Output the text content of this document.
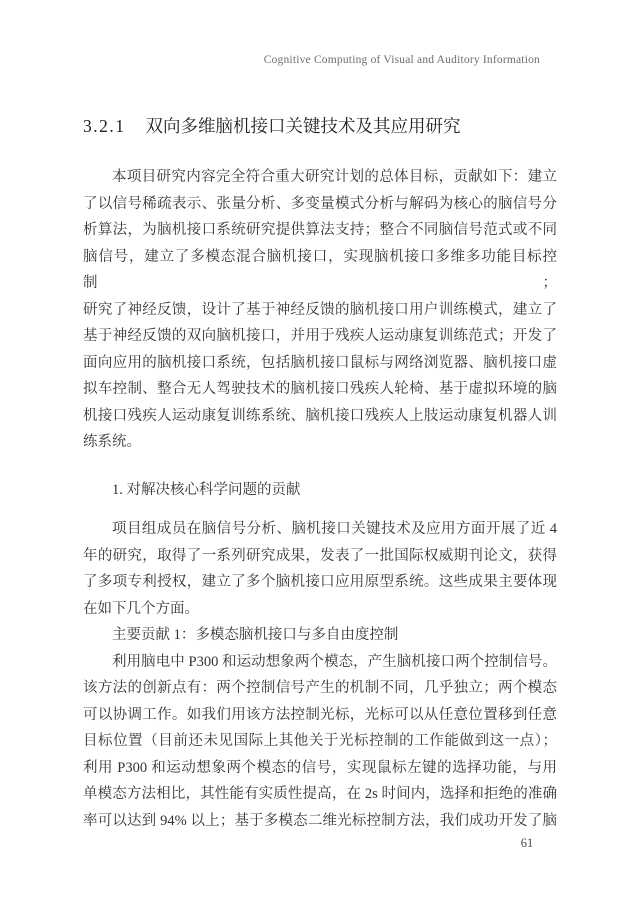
Cognitive Computing of Visual and Auditory Information
3.2.1 双向多维脑机接口关键技术及其应用研究
本项目研究内容完全符合重大研究计划的总体目标，贡献如下：建立
了以信号稀疏表示、张量分析、多变量模式分析与解码为核心的脑信号分
析算法，为脑机接口系统研究提供算法支持；整合不同脑信号范式或不同
脑信号，建立了多模态混合脑机接口，实现脑机接口多维多功能目标控制；
研究了神经反馈，设计了基于神经反馈的脑机接口用户训练模式，建立了
基于神经反馈的双向脑机接口，并用于残疾人运动康复训练范式；开发了
面向应用的脑机接口系统，包括脑机接口鼠标与网络浏览器、脑机接口虚
拟车控制、整合无人驾驶技术的脑机接口残疾人轮椅、基于虚拟环境的脑
机接口残疾人运动康复训练系统、脑机接口残疾人上肢运动康复机器人训
练系统。
1. 对解决核心科学问题的贡献
项目组成员在脑信号分析、脑机接口关键技术及应用方面开展了近 4
年的研究，取得了一系列研究成果，发表了一批国际权威期刊论文，获得
了多项专利授权，建立了多个脑机接口应用原型系统。这些成果主要体现
在如下几个方面。
主要贡献 1：多模态脑机接口与多自由度控制
利用脑电中 P300 和运动想象两个模态，产生脑机接口两个控制信号。
该方法的创新点有：两个控制信号产生的机制不同，几乎独立；两个模态
可以协调工作。如我们用该方法控制光标，光标可以从任意位置移到任意
目标位置（目前还未见国际上其他关于光标控制的工作能做到这一点）；
利用 P300 和运动想象两个模态的信号，实现鼠标左键的选择功能，与用
单模态方法相比，其性能有实质性提高，在 2s 时间内，选择和拒绝的准确
率可以达到 94% 以上；基于多模态二维光标控制方法，我们成功开发了脑
61
